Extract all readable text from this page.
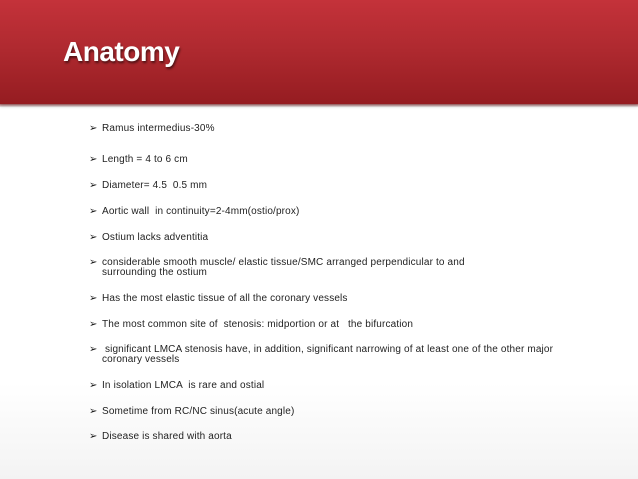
Anatomy
➢ Ramus intermedius-30%
➢ Length = 4 to 6 cm
➢ Diameter= 4.5  0.5 mm
➢ Aortic wall  in continuity=2-4mm(ostio/prox)
➢ Ostium lacks adventitia
➢ considerable smooth muscle/ elastic tissue/SMC arranged perpendicular to and surrounding the ostium
➢ Has the most elastic tissue of all the coronary vessels
➢ The most common site of  stenosis: midportion or at   the bifurcation
➢ significant LMCA stenosis have, in addition, significant narrowing of at least one of the other major coronary vessels
➢ In isolation LMCA  is rare and ostial
➢ Sometime from RC/NC sinus(acute angle)
➢ Disease is shared with aorta
